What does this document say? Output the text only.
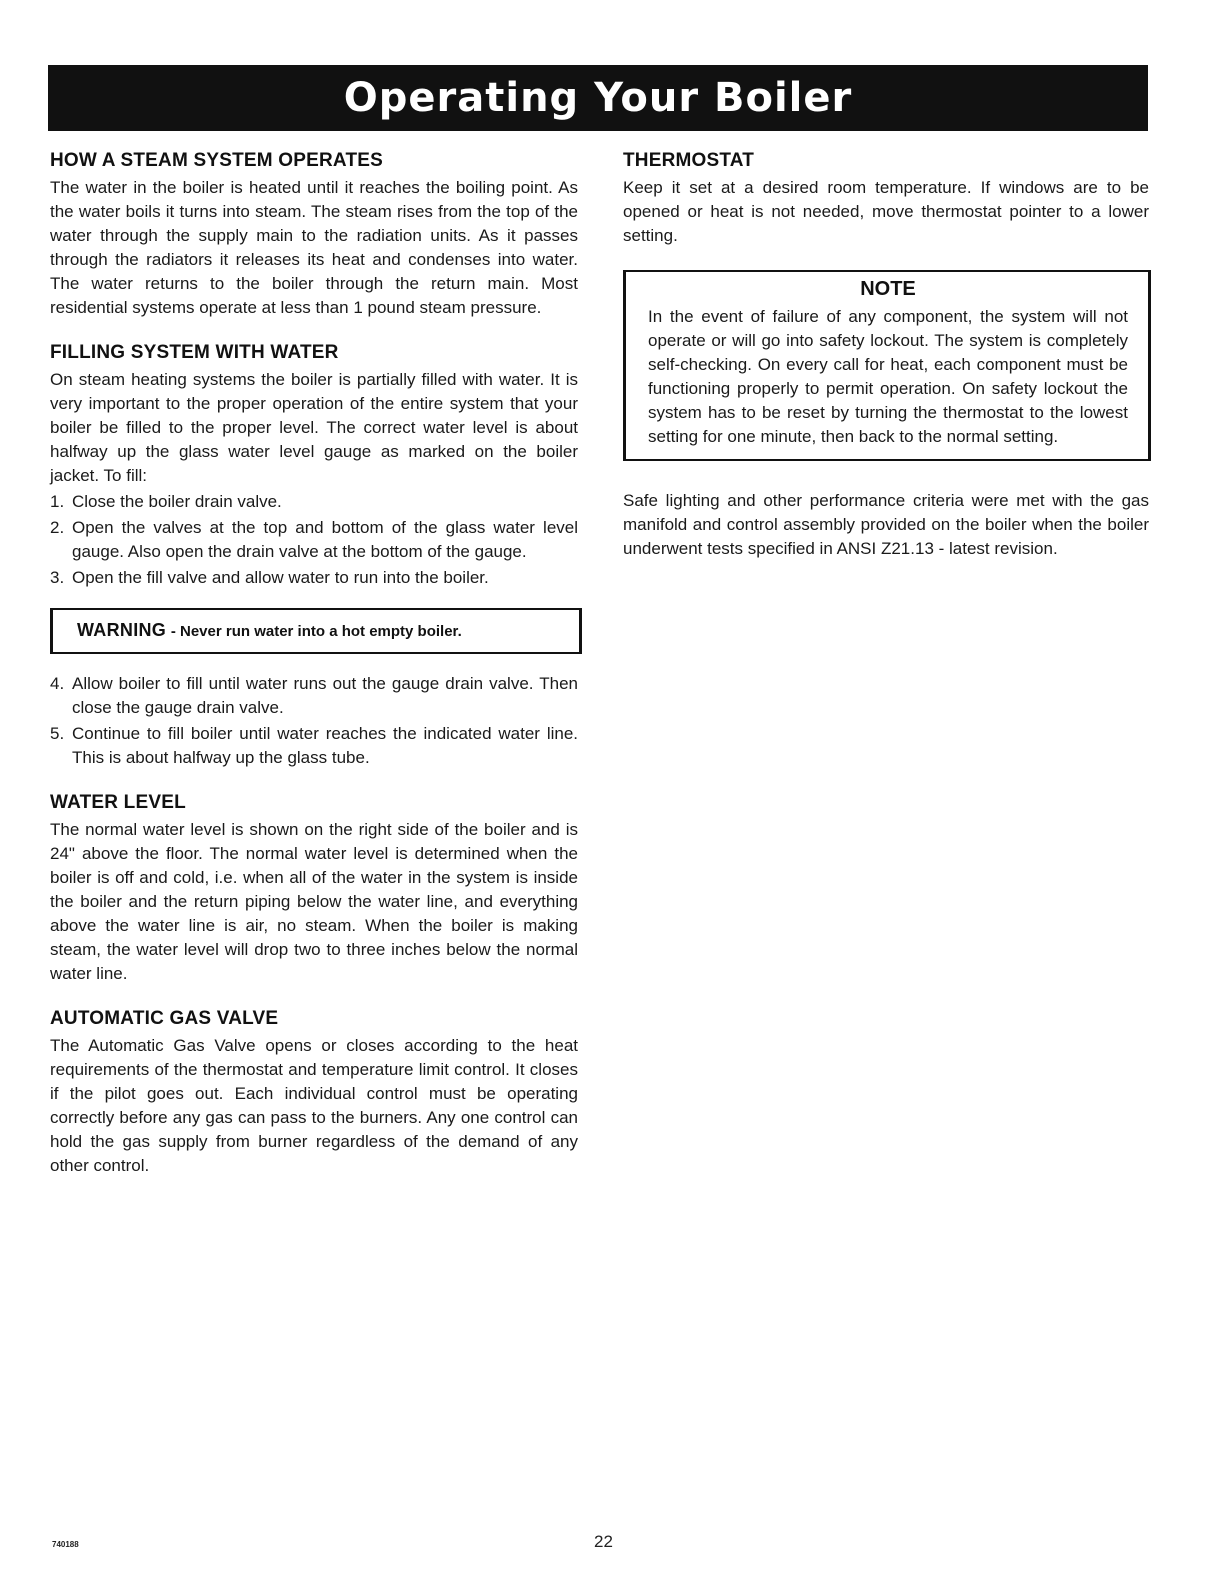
Operating Your Boiler
HOW A STEAM SYSTEM OPERATES

The water in the boiler is heated until it reaches the boiling point. As the water boils it turns into steam. The steam rises from the top of the water through the supply main to the radiation units. As it passes through the radiators it releases its heat and condenses into water. The water returns to the boiler through the return main. Most residential systems operate at less than 1 pound steam pressure.

FILLING SYSTEM WITH WATER

On steam heating systems the boiler is partially filled with water. It is very important to the proper operation of the entire system that your boiler be filled to the proper level. The correct water level is about halfway up the glass water level gauge as marked on the boiler jacket. To fill:

1. Close the boiler drain valve.
2. Open the valves at the top and bottom of the glass water level gauge. Also open the drain valve at the bottom of the gauge.
3. Open the fill valve and allow water to run into the boiler.
WARNING - Never run water into a hot empty boiler.
4. Allow boiler to fill until water runs out the gauge drain valve. Then close the gauge drain valve.
5. Continue to fill boiler until water reaches the indicated water line. This is about halfway up the glass tube.
WATER LEVEL

The normal water level is shown on the right side of the boiler and is 24" above the floor. The normal water level is determined when the boiler is off and cold, i.e. when all of the water in the system is inside the boiler and the return piping below the water line, and everything above the water line is air, no steam. When the boiler is making steam, the water level will drop two to three inches below the normal water line.

AUTOMATIC GAS VALVE

The Automatic Gas Valve opens or closes according to the heat requirements of the thermostat and temperature limit control. It closes if the pilot goes out. Each individual control must be operating correctly before any gas can pass to the burners. Any one control can hold the gas supply from burner regardless of the demand of any other control.

THERMOSTAT

Keep it set at a desired room temperature. If windows are to be opened or heat is not needed, move thermostat pointer to a lower setting.

NOTE

In the event of failure of any component, the system will not operate or will go into safety lockout. The system is completely self-checking. On every call for heat, each component must be functioning properly to permit operation. On safety lockout the system has to be reset by turning the thermostat to the lowest setting for one minute, then back to the normal setting.

Safe lighting and other performance criteria were met with the gas manifold and control assembly provided on the boiler when the boiler underwent tests specified in ANSI Z21.13 - latest revision.

740188	22
